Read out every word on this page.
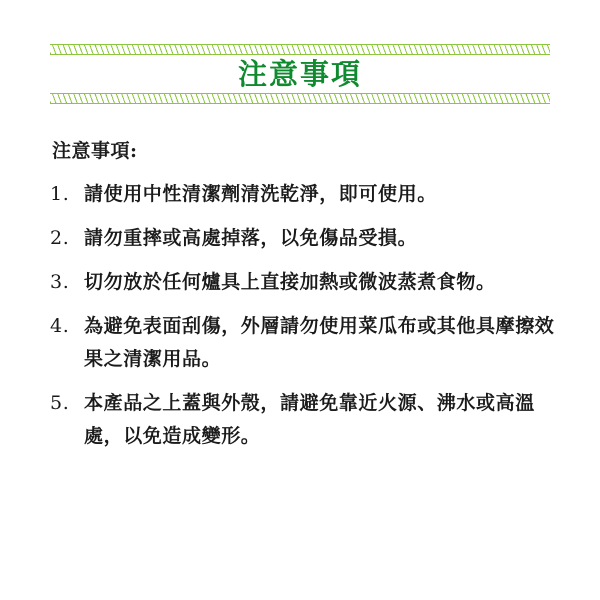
注意事項

注意事項:

1. 請使用中性清潔劑清洗乾淨，即可使用。
2. 請勿重摔或高處掉落，以免傷品受損。
3. 切勿放於任何爐具上直接加熱或微波蒸煮食物。
4. 為避免表面刮傷，外層請勿使用菜瓜布或其他具摩擦效果之清潔用品。
5. 本產品之上蓋與外殼，請避免靠近火源、沸水或高溫處，以免造成變形。
